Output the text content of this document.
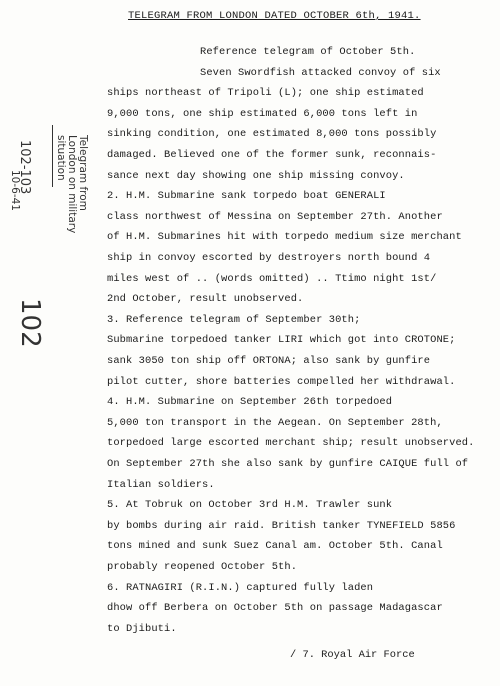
TELEGRAM FROM LONDON DATED OCTOBER 6th, 1941.
Reference telegram of October 5th.
Seven Swordfish attacked convoy of six
ships northeast of Tripoli (L); one ship estimated
9,000 tons, one ship estimated 6,000 tons left in
sinking condition, one estimated 8,000 tons possibly
damaged. Believed one of the former sunk, reconnais-
sance next day showing one ship missing convoy.
2. H.M. Submarine sank torpedo boat GENERALI
class northwest of Messina on September 27th. Another
of H.M. Submarines hit with torpedo medium size merchant
ship in convoy escorted by destroyers north bound 4
miles west of .. (words omitted) .. Ttimo night 1st/
2nd October, result unobserved.
3. Reference telegram of September 30th;
Submarine torpedoed tanker LIRI which got into CROTONE;
sank 3050 ton ship off ORTONA; also sank by gunfire
pilot cutter, shore batteries compelled her withdrawal.
4. H.M. Submarine on September 26th torpedoed
5,000 ton transport in the Aegean. On September 28th,
torpedoed large escorted merchant ship; result unobserved.
On September 27th she also sank by gunfire CAIQUE full of
Italian soldiers.
5. At Tobruk on October 3rd H.M. Trawler sunk
by bombs during air raid. British tanker TYNEFIELD 5856
tons mined and sunk Suez Canal am. October 5th. Canal
probably reopened October 5th.
6. RATNAGIRI (R.I.N.) captured fully laden
dhow off Berbera on October 5th on passage Madagascar
to Djibuti.
/ 7. Royal Air Force
102-103	Telegram from
London on military
situation
10-6-41
102
